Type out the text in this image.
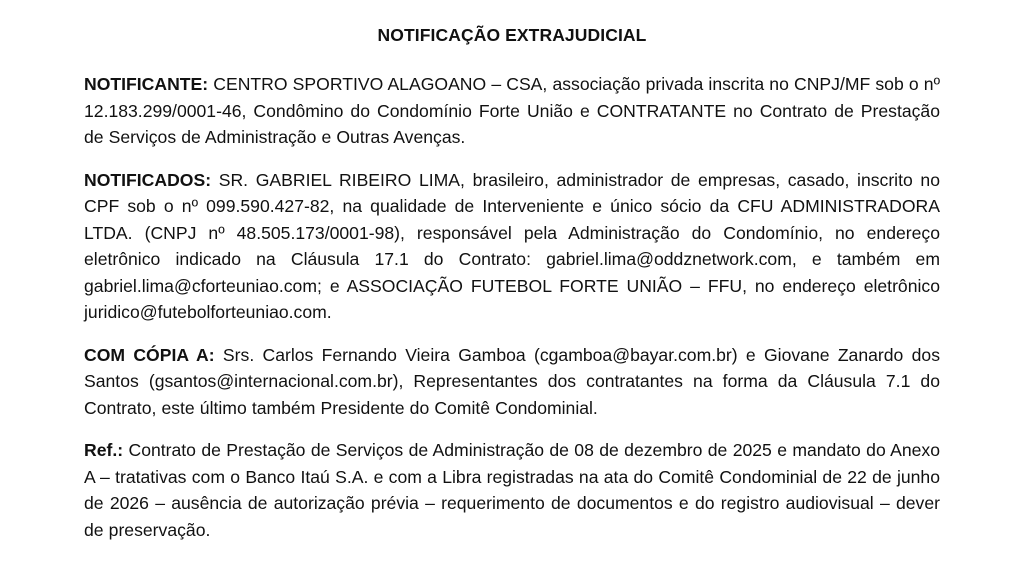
NOTIFICAÇÃO EXTRAJUDICIAL

NOTIFICANTE: CENTRO SPORTIVO ALAGOANO – CSA, associação privada inscrita no CNPJ/MF sob o nº 12.183.299/0001-46, Condômino do Condomínio Forte União e CONTRATANTE no Contrato de Prestação de Serviços de Administração e Outras Avenças.

NOTIFICADOS: SR. GABRIEL RIBEIRO LIMA, brasileiro, administrador de empresas, casado, inscrito no CPF sob o nº 099.590.427-82, na qualidade de Interveniente e único sócio da CFU ADMINISTRADORA LTDA. (CNPJ nº 48.505.173/0001-98), responsável pela Administração do Condomínio, no endereço eletrônico indicado na Cláusula 17.1 do Contrato: gabriel.lima@oddznetwork.com, e também em gabriel.lima@cforteuniao.com; e ASSOCIAÇÃO FUTEBOL FORTE UNIÃO – FFU, no endereço eletrônico juridico@futebolforteuniao.com.

COM CÓPIA A: Srs. Carlos Fernando Vieira Gamboa (cgamboa@bayar.com.br) e Giovane Zanardo dos Santos (gsantos@internacional.com.br), Representantes dos contratantes na forma da Cláusula 7.1 do Contrato, este último também Presidente do Comitê Condominial.

Ref.: Contrato de Prestação de Serviços de Administração de 08 de dezembro de 2025 e mandato do Anexo A – tratativas com o Banco Itaú S.A. e com a Libra registradas na ata do Comitê Condominial de 22 de junho de 2026 – ausência de autorização prévia – requerimento de documentos e do registro audiovisual – dever de preservação.
